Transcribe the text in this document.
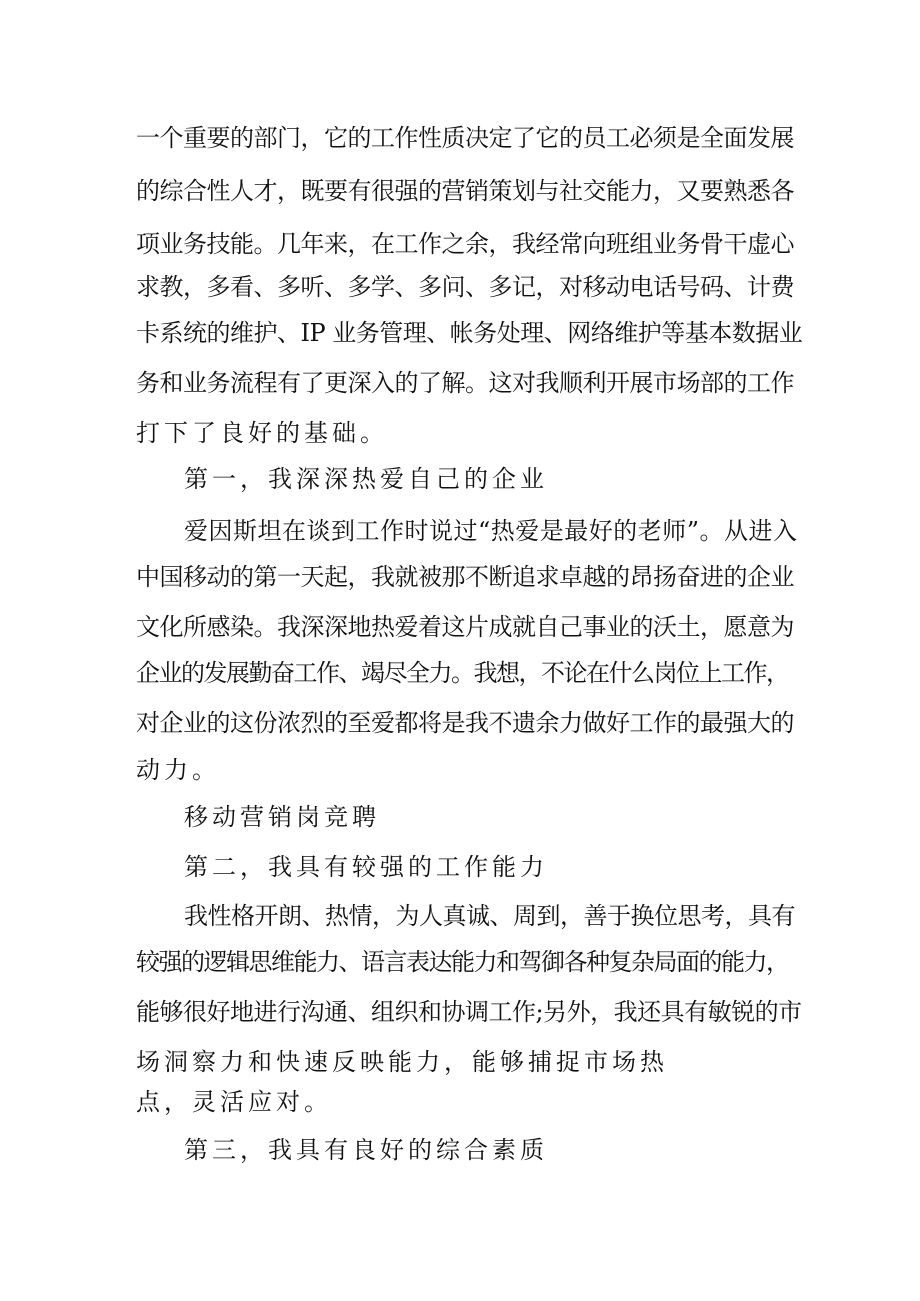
一个重要的部门，它的工作性质决定了它的员工必须是全面发展
的综合性人才，既要有很强的营销策划与社交能力，又要熟悉各
项业务技能。几年来，在工作之余，我经常向班组业务骨干虚心
求教，多看、多听、多学、多问、多记，对移动电话号码、计费
卡系统的维护、IP 业务管理、帐务处理、网络维护等基本数据业
务和业务流程有了更深入的了解。这对我顺利开展市场部的工作
打下了良好的基础。
第一，我深深热爱自己的企业
爱因斯坦在谈到工作时说过“热爱是最好的老师”。从进入
中国移动的第一天起，我就被那不断追求卓越的昂扬奋进的企业
文化所感染。我深深地热爱着这片成就自己事业的沃土，愿意为
企业的发展勤奋工作、竭尽全力。我想，不论在什么岗位上工作，
对企业的这份浓烈的至爱都将是我不遗余力做好工作的最强大的
动力。
移动营销岗竞聘
第二，我具有较强的工作能力
我性格开朗、热情，为人真诚、周到，善于换位思考，具有
较强的逻辑思维能力、语言表达能力和驾御各种复杂局面的能力，
能够很好地进行沟通、组织和协调工作;另外，我还具有敏锐的市
场洞察力和快速反映能力，能够捕捉市场热
点，灵活应对。
第三，我具有良好的综合素质
